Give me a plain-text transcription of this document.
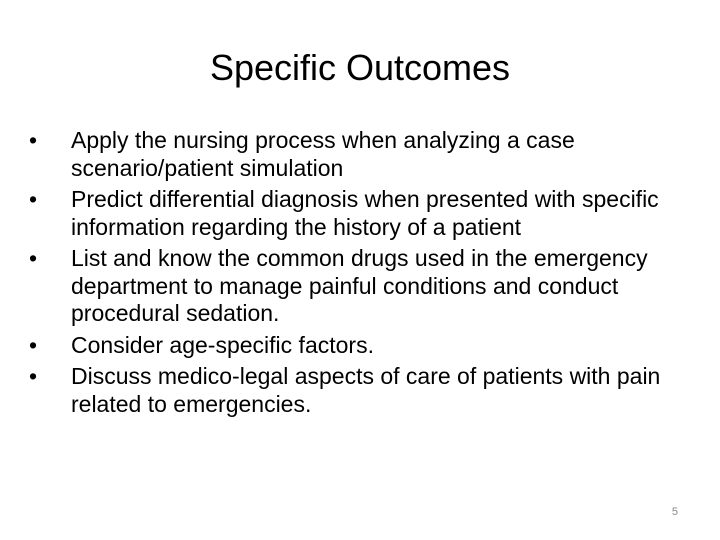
Specific Outcomes
•	Apply the nursing process when analyzing a case scenario/patient simulation
•	Predict differential diagnosis when presented with specific information regarding the history of a patient
•	List and know the common drugs used in the emergency department to manage painful conditions and conduct procedural sedation.
•	Consider age-specific factors.
•	Discuss medico-legal aspects of care of patients with pain related to emergencies.
5
